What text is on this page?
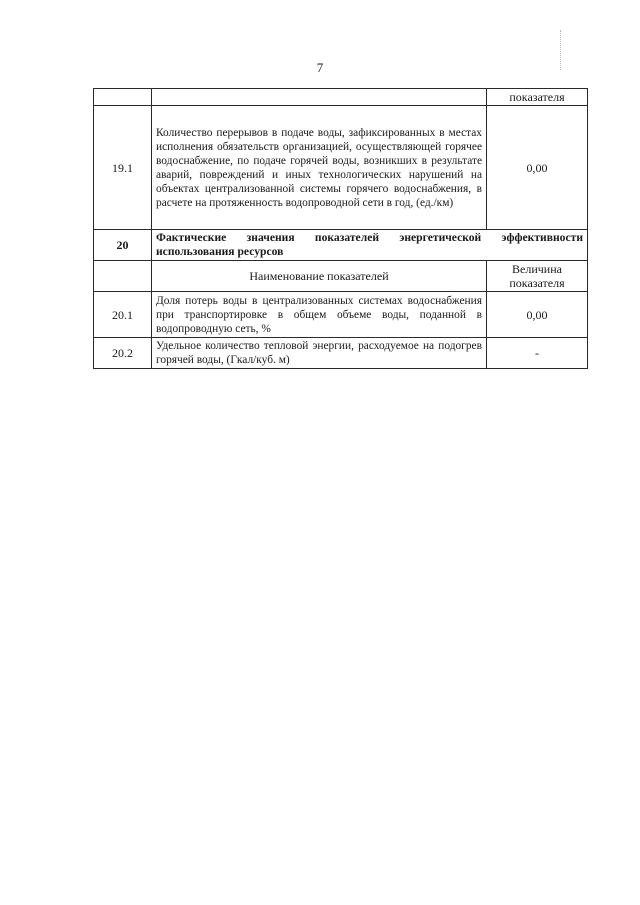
7
		показателя
19.1	Количество перерывов в подаче воды, зафиксированных в местах исполнения обязательств организацией, осуществляющей горячее водоснабжение, по подаче горячей воды, возникших в результате аварий, повреждений и иных технологических нарушений на объектах централизованной системы горячего водоснабжения, в расчете на протяженность водопроводной сети в год, (ед./км)	0,00
20	Фактические значения показателей энергетической эффективности использования ресурсов	
	Наименование показателей	Величина показателя
20.1	Доля потерь воды в централизованных системах водоснабжения при транспортировке в общем объеме воды, поданной в водопроводную сеть, %	0,00
20.2	Удельное количество тепловой энергии, расходуемое на подогрев горячей воды, (Гкал/куб. м)	-
